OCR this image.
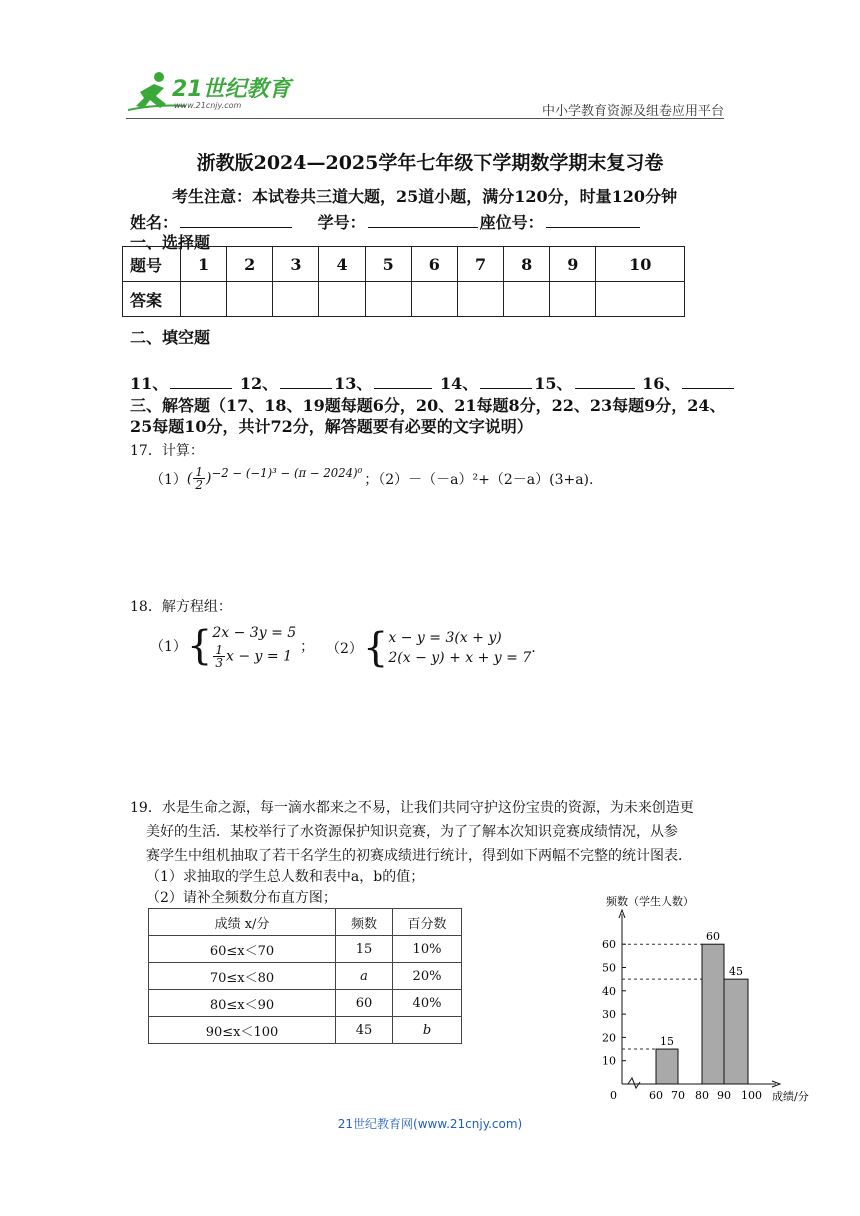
21世纪教育
www.21cnjy.com	中小学教育资源及组卷应用平台
浙教版2024—2025学年七年级下学期数学期末复习卷
考生注意：本试卷共三道大题，25道小题，满分120分，时量120分钟
姓名：	学号：	座位号：
一、选择题
题号	1	2	3	4	5	6	7	8	9	10
答案										
二、填空题
11、	12、	13、	14、	15、	16、
三、解答题（17、18、19题每题6分，20、21每题8分，22、23每题9分，24、
25每题10分，共计72分，解答题要有必要的文字说明）
17．计算：
（1） ( $\frac{1}{2} )^{-2 - (-1)^3 - (\pi - 2024)^0}$ ；（2）－（－a）²+（2－a）(3+a).
18．解方程组：
（1） { 2x − 3y = 5
$\frac{1}{3}$ x − y = 1
； （2） { x − y = 3(x + y)
2(x − y) + x + y = 7
.
19．水是生命之源，每一滴水都来之不易，让我们共同守护这份宝贵的资源，为未来创造更
美好的生活．某校举行了水资源保护知识竞赛，为了了解本次知识竞赛成绩情况，从参
赛学生中组机抽取了若干名学生的初赛成绩进行统计，得到如下两幅不完整的统计图表．
（1）求抽取的学生总人数和表中a，b的值；
（2）请补全频数分布直方图；
成绩 x/分	频数	百分数
60≤x＜70	15	10%
70≤x＜80	a	20%
80≤x＜90	60	40%
90≤x＜100	45	b
频数（学生人数）
0	成绩/分
10
20
30
40
50
60
60 70 80 90 100
15
60
45
21世纪教育网(www.21cnjy.com)
